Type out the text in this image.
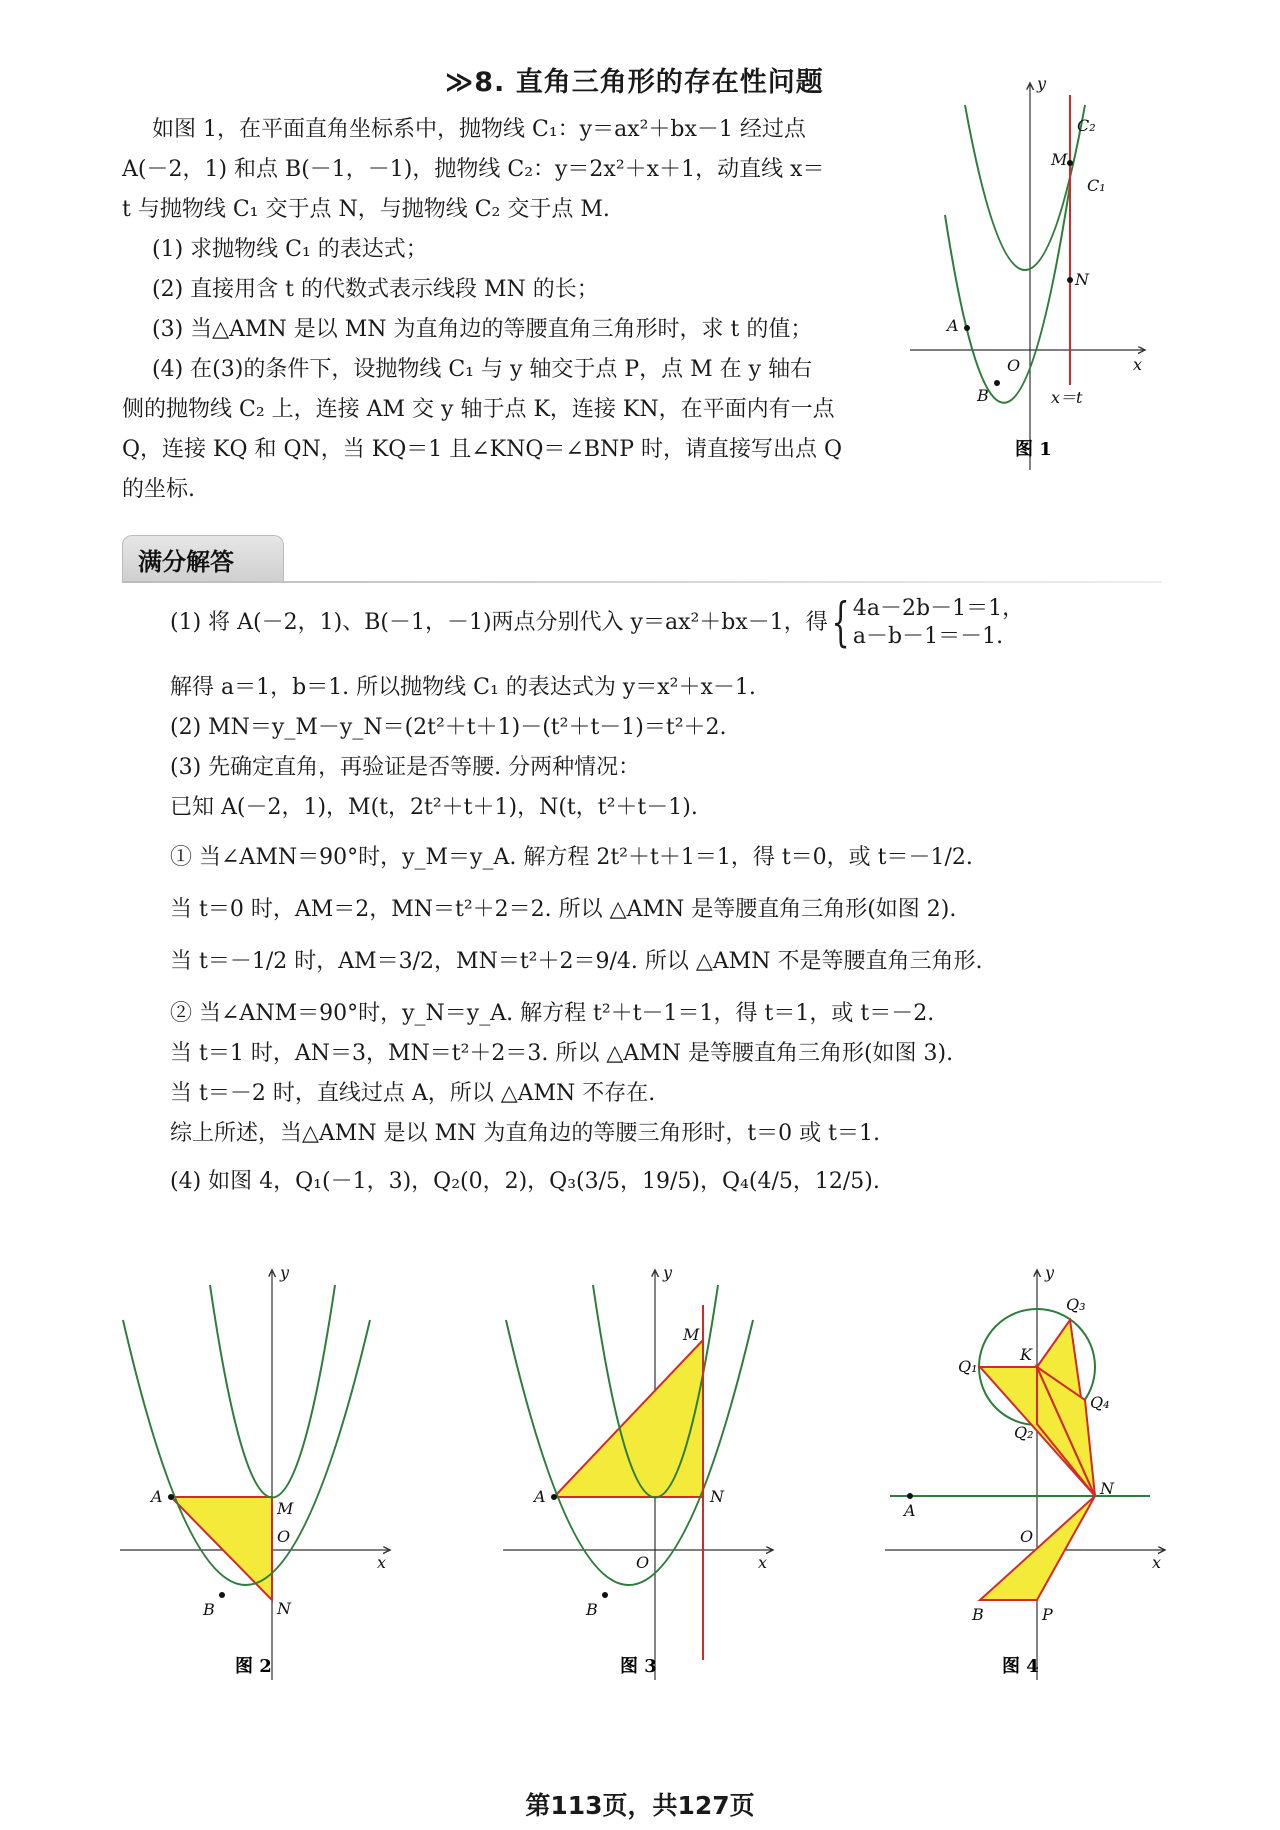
≫8. 直角三角形的存在性问题
如图 1，在平面直角坐标系中，抛物线 C₁：y＝ax²＋bx－1 经过点
A(－2，1) 和点 B(－1，－1)，抛物线 C₂：y＝2x²＋x＋1，动直线 x＝
t 与抛物线 C₁ 交于点 N，与抛物线 C₂ 交于点 M.
(1) 求抛物线 C₁ 的表达式；
(2) 直接用含 t 的代数式表示线段 MN 的长；
(3) 当△AMN 是以 MN 为直角边的等腰直角三角形时，求 t 的值；
(4) 在(3)的条件下，设抛物线 C₁ 与 y 轴交于点 P，点 M 在 y 轴右
侧的抛物线 C₂ 上，连接 AM 交 y 轴于点 K，连接 KN，在平面内有一点
Q，连接 KQ 和 QN，当 KQ＝1 且∠KNQ＝∠BNP 时，请直接写出点 Q
的坐标.
y
x
O
A
B
M
N
C₂
C₁
x＝t
图 1
满分解答
(1) 将 A(－2，1)、B(－1，－1)两点分别代入 y＝ax²＋bx－1，得{ 4a－2b－1＝1，
a－b－1＝－1.
解得 a＝1，b＝1. 所以抛物线 C₁ 的表达式为 y＝x²＋x－1.
(2) MN＝y_M－y_N＝(2t²＋t＋1)－(t²＋t－1)＝t²＋2.
(3) 先确定直角，再验证是否等腰. 分两种情况：
已知 A(－2，1)，M(t，2t²＋t＋1)，N(t，t²＋t－1).
① 当∠AMN＝90°时，y_M＝y_A. 解方程 2t²＋t＋1＝1，得 t＝0，或 t＝－1/2.
当 t＝0 时，AM＝2，MN＝t²＋2＝2. 所以 △AMN 是等腰直角三角形(如图 2).
当 t＝－1/2 时，AM＝3/2，MN＝t²＋2＝9/4. 所以 △AMN 不是等腰直角三角形.
② 当∠ANM＝90°时，y_N＝y_A. 解方程 t²＋t－1＝1，得 t＝1，或 t＝－2.
当 t＝1 时，AN＝3，MN＝t²＋2＝3. 所以 △AMN 是等腰直角三角形(如图 3).
当 t＝－2 时，直线过点 A，所以 △AMN 不存在.
综上所述，当△AMN 是以 MN 为直角边的等腰三角形时，t＝0 或 t＝1.
(4) 如图 4，Q₁(－1，3)，Q₂(0，2)，Q₃(3/5，19/5)，Q₄(4/5，12/5).
y
x
O
A
B
M
N
图 2
y
x
O
A
B
M
N
图 3
y
x
O
A
B
K
N
P
Q₁
Q₂
Q₃
Q₄
图 4
第113页，共127页
